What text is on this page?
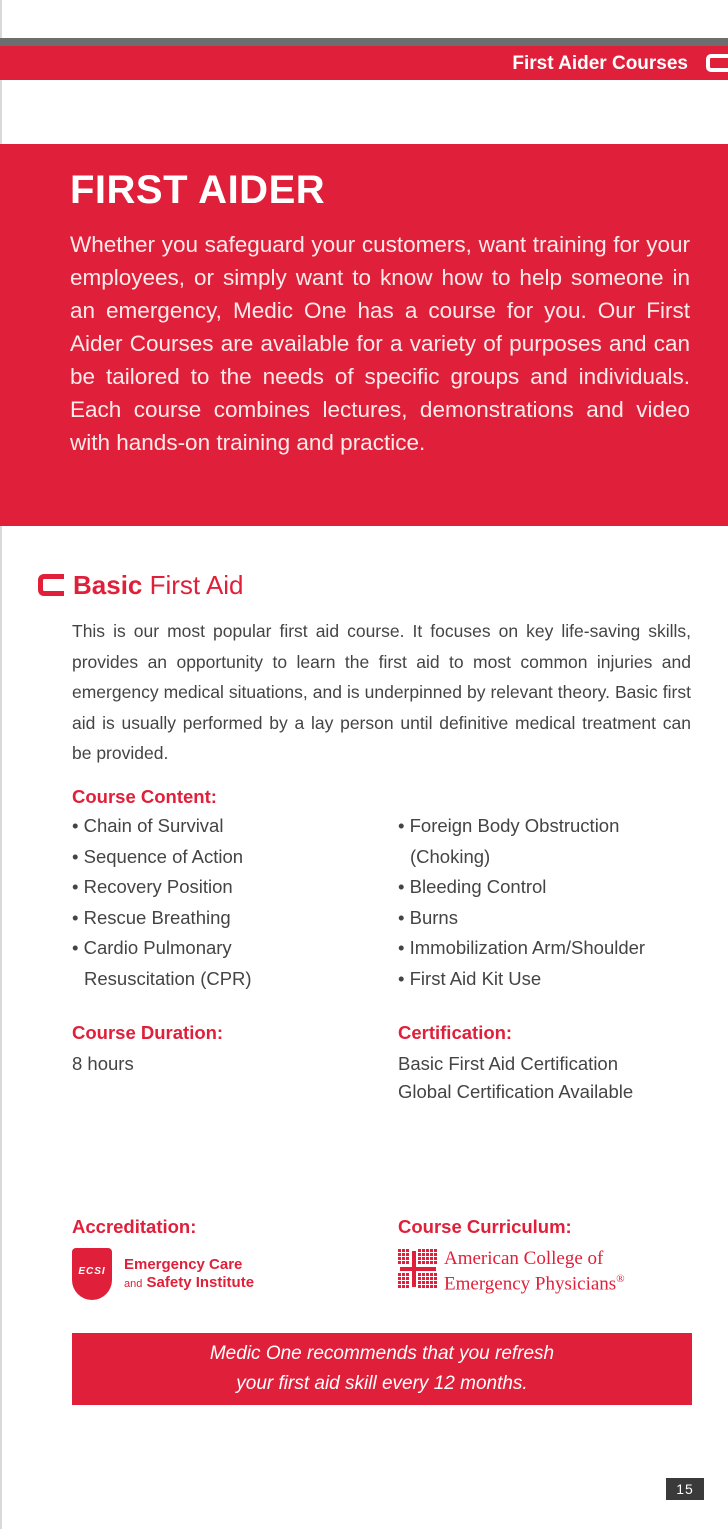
First Aider Courses
FIRST AIDER
Whether you safeguard your customers, want training for your employees, or simply want to know how to help someone in an emergency, Medic One has a course for you. Our First Aider Courses are available for a variety of purposes and can be tailored to the needs of specific groups and individuals. Each course combines lectures, demonstrations and video with hands-on training and practice.
Basic First Aid
This is our most popular first aid course. It focuses on key life-saving skills, provides an opportunity to learn the first aid to most common injuries and emergency medical situations, and is underpinned by relevant theory. Basic first aid is usually performed by a lay person until definitive medical treatment can be provided.
Course Content:
• Chain of Survival
• Sequence of Action
• Recovery Position
• Rescue Breathing
• Cardio Pulmonary Resuscitation (CPR)
• Foreign Body Obstruction (Choking)
• Bleeding Control
• Burns
• Immobilization Arm/Shoulder
• First Aid Kit Use
Course Duration:
8 hours
Certification:
Basic First Aid Certification
Global Certification Available
Accreditation:
ECSI	Emergency Care
and Safety Institute
Course Curriculum:
American College of
Emergency Physicians®
Medic One recommends that you refresh
your first aid skill every 12 months.
15
